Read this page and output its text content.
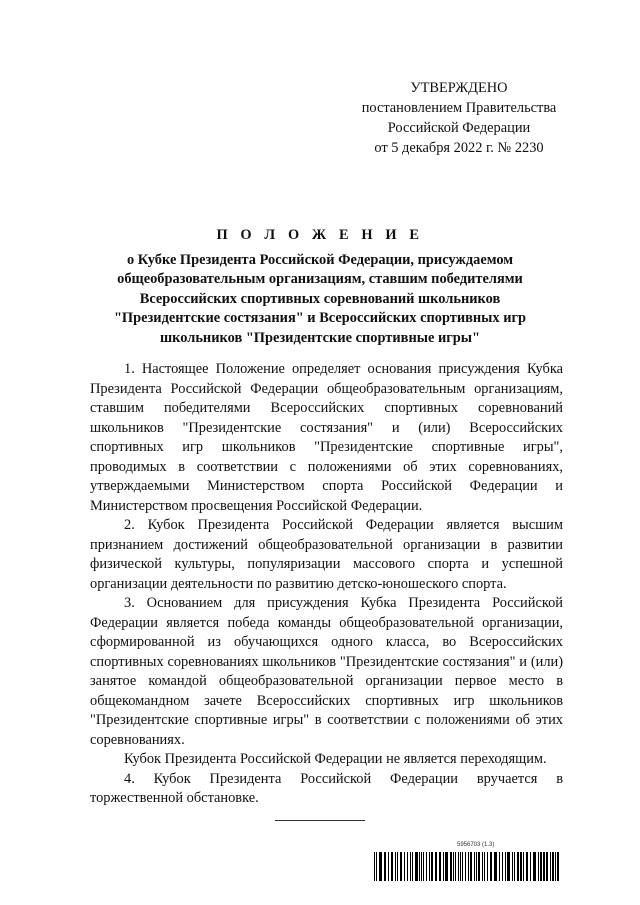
УТВЕРЖДЕНО
постановлением Правительства
Российской Федерации
от 5 декабря 2022 г. № 2230
П О Л О Ж Е Н И Е
о Кубке Президента Российской Федерации, присуждаемом
общеобразовательным организациям, ставшим победителями
Всероссийских спортивных соревнований школьников
"Президентские состязания" и Всероссийских спортивных игр
школьников "Президентские спортивные игры"

1. Настоящее Положение определяет основания присуждения Кубка Президента Российской Федерации общеобразовательным организациям, ставшим победителями Всероссийских спортивных соревнований школьников "Президентские состязания" и (или) Всероссийских спортивных игр школьников "Президентские спортивные игры", проводимых в соответствии с положениями об этих соревнованиях, утверждаемыми Министерством спорта Российской Федерации и Министерством просвещения Российской Федерации.

2. Кубок Президента Российской Федерации является высшим признанием достижений общеобразовательной организации в развитии физической культуры, популяризации массового спорта и успешной организации деятельности по развитию детско-юношеского спорта.

3. Основанием для присуждения Кубка Президента Российской Федерации является победа команды общеобразовательной организации, сформированной из обучающихся одного класса, во Всероссийских спортивных соревнованиях школьников "Президентские состязания" и (или) занятое командой общеобразовательной организации первое место в общекомандном зачете Всероссийских спортивных игр школьников "Президентские спортивные игры" в соответствии с положениями об этих соревнованиях.

Кубок Президента Российской Федерации не является переходящим.

4. Кубок Президента Российской Федерации вручается в торжественной обстановке.

5956703 (1.3)
